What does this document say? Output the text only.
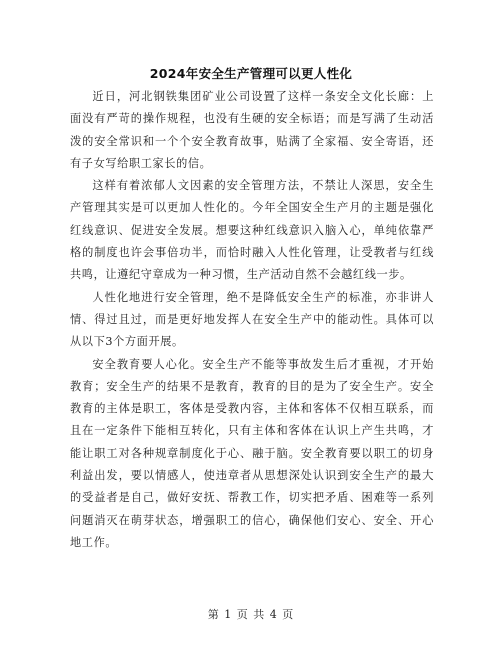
2024年安全生产管理可以更人性化

近日，河北钢铁集团矿业公司设置了这样一条安全文化长廊：上面没有严苛的操作规程，也没有生硬的安全标语；而是写满了生动活泼的安全常识和一个个安全教育故事，贴满了全家福、安全寄语，还有子女写给职工家长的信。

这样有着浓郁人文因素的安全管理方法，不禁让人深思，安全生产管理其实是可以更加人性化的。今年全国安全生产月的主题是强化红线意识、促进安全发展。想要这种红线意识入脑入心，单纯依靠严格的制度也许会事倍功半，而恰时融入人性化管理，让受教者与红线共鸣，让遵纪守章成为一种习惯，生产活动自然不会越红线一步。

人性化地进行安全管理，绝不是降低安全生产的标准，亦非讲人情、得过且过，而是更好地发挥人在安全生产中的能动性。具体可以从以下3个方面开展。

安全教育要人心化。安全生产不能等事故发生后才重视，才开始教育；安全生产的结果不是教育，教育的目的是为了安全生产。安全教育的主体是职工，客体是受教内容，主体和客体不仅相互联系，而且在一定条件下能相互转化，只有主体和客体在认识上产生共鸣，才能让职工对各种规章制度化于心、融于脑。安全教育要以职工的切身利益出发，要以情感人，使违章者从思想深处认识到安全生产的最大的受益者是自己，做好安抚、帮教工作，切实把矛盾、困难等一系列问题消灭在萌芽状态，增强职工的信心，确保他们安心、安全、开心地工作。

第 1 页 共 4 页
